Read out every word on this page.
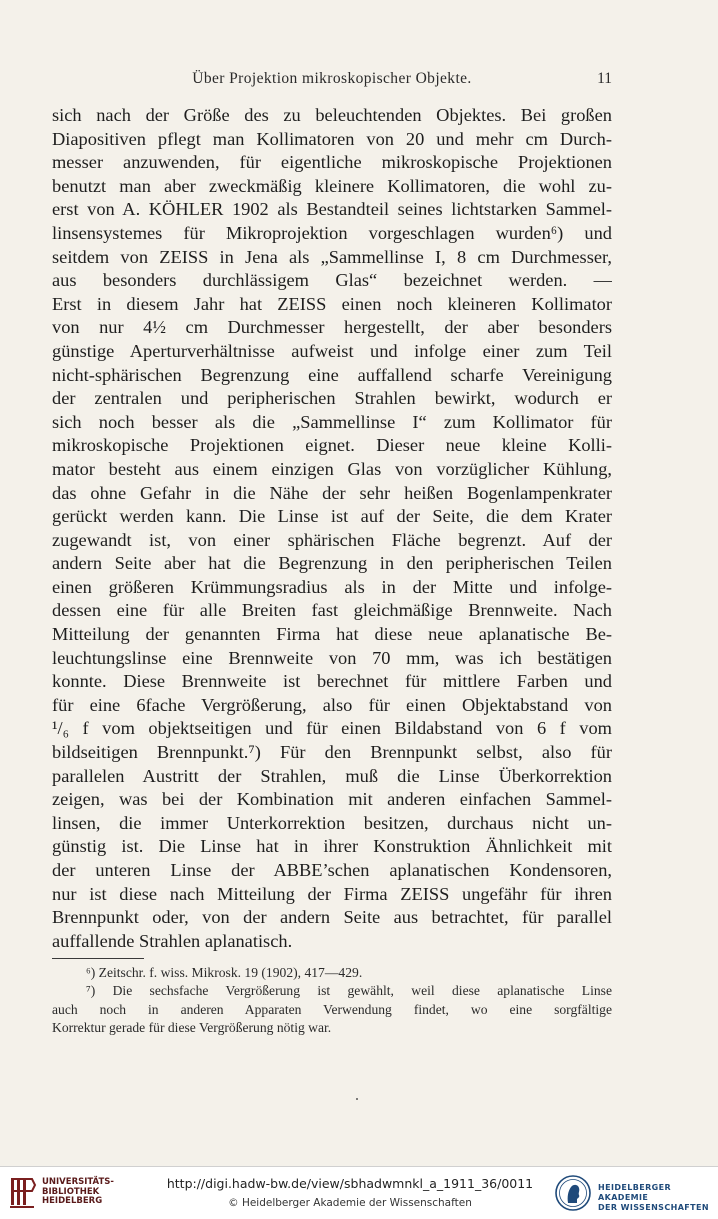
Über Projektion mikroskopischer Objekte.	11
sich nach der Größe des zu beleuchtenden Objektes. Bei großen
Diapositiven pflegt man Kollimatoren von 20 und mehr cm Durch-
messer anzuwenden, für eigentliche mikroskopische Projektionen
benutzt man aber zweckmäßig kleinere Kollimatoren, die wohl zu-
erst von A. KÖHLER 1902 als Bestandteil seines lichtstarken Sammel-
linsensystemes für Mikroprojektion vorgeschlagen wurden⁶) und
seitdem von ZEISS in Jena als „Sammellinse I, 8 cm Durchmesser,
aus besonders durchlässigem Glas“ bezeichnet werden. —
Erst in diesem Jahr hat ZEISS einen noch kleineren Kollimator
von nur 4½ cm Durchmesser hergestellt, der aber besonders
günstige Aperturverhältnisse aufweist und infolge einer zum Teil
nicht-sphärischen Begrenzung eine auffallend scharfe Vereinigung
der zentralen und peripherischen Strahlen bewirkt, wodurch er
sich noch besser als die „Sammellinse I“ zum Kollimator für
mikroskopische Projektionen eignet. Dieser neue kleine Kolli-
mator besteht aus einem einzigen Glas von vorzüglicher Kühlung,
das ohne Gefahr in die Nähe der sehr heißen Bogenlampenkrater
gerückt werden kann. Die Linse ist auf der Seite, die dem Krater
zugewandt ist, von einer sphärischen Fläche begrenzt. Auf der
andern Seite aber hat die Begrenzung in den peripherischen Teilen
einen größeren Krümmungsradius als in der Mitte und infolge-
dessen eine für alle Breiten fast gleichmäßige Brennweite. Nach
Mitteilung der genannten Firma hat diese neue aplanatische Be-
leuchtungslinse eine Brennweite von 70 mm, was ich bestätigen
konnte. Diese Brennweite ist berechnet für mittlere Farben und
für eine 6fache Vergrößerung, also für einen Objektabstand von
¹/₆ f vom objektseitigen und für einen Bildabstand von 6 f vom
bildseitigen Brennpunkt.⁷) Für den Brennpunkt selbst, also für
parallelen Austritt der Strahlen, muß die Linse Überkorrektion
zeigen, was bei der Kombination mit anderen einfachen Sammel-
linsen, die immer Unterkorrektion besitzen, durchaus nicht un-
günstig ist. Die Linse hat in ihrer Konstruktion Ähnlichkeit mit
der unteren Linse der ABBE’schen aplanatischen Kondensoren,
nur ist diese nach Mitteilung der Firma ZEISS ungefähr für ihren
Brennpunkt oder, von der andern Seite aus betrachtet, für parallel
auffallende Strahlen aplanatisch.
⁶) Zeitschr. f. wiss. Mikrosk. 19 (1902), 417—429.
⁷) Die sechsfache Vergrößerung ist gewählt, weil diese aplanatische Linse
auch noch in anderen Apparaten Verwendung findet, wo eine sorgfältige
Korrektur gerade für diese Vergrößerung nötig war.
UNIVERSITÄTS-
BIBLIOTHEK
HEIDELBERG
http://digi.hadw-bw.de/view/sbhadwmnkl_a_1911_36/0011
© Heidelberger Akademie der Wissenschaften
HEIDELBERGER AKADEMIE
DER WISSENSCHAFTEN
